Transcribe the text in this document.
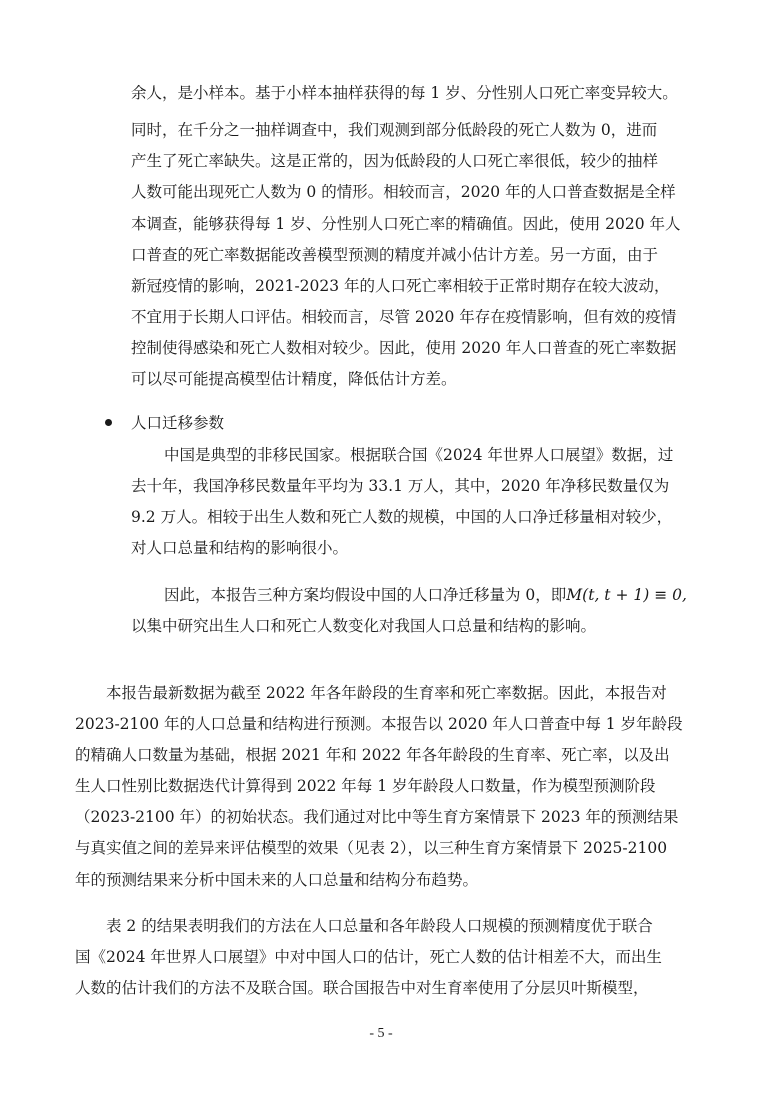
余人，是小样本。基于小样本抽样获得的每 1 岁、分性别人口死亡率变异较大。
同时，在千分之一抽样调查中，我们观测到部分低龄段的死亡人数为 0，进而
产生了死亡率缺失。这是正常的，因为低龄段的人口死亡率很低，较少的抽样
人数可能出现死亡人数为 0 的情形。相较而言，2020 年的人口普查数据是全样
本调查，能够获得每 1 岁、分性别人口死亡率的精确值。因此，使用 2020 年人
口普查的死亡率数据能改善模型预测的精度并减小估计方差。另一方面，由于
新冠疫情的影响，2021-2023 年的人口死亡率相较于正常时期存在较大波动，
不宜用于长期人口评估。相较而言，尽管 2020 年存在疫情影响，但有效的疫情
控制使得感染和死亡人数相对较少。因此，使用 2020 年人口普查的死亡率数据
可以尽可能提高模型估计精度，降低估计方差。
人口迁移参数
中国是典型的非移民国家。根据联合国《2024 年世界人口展望》数据，过
去十年，我国净移民数量年平均为 33.1 万人，其中，2020 年净移民数量仅为
9.2 万人。相较于出生人数和死亡人数的规模，中国的人口净迁移量相对较少，
对人口总量和结构的影响很小。
因此，本报告三种方案均假设中国的人口净迁移量为 0，即M(t, t + 1) ≡ 0,
以集中研究出生人口和死亡人数变化对我国人口总量和结构的影响。
本报告最新数据为截至 2022 年各年龄段的生育率和死亡率数据。因此，本报告对
2023-2100 年的人口总量和结构进行预测。本报告以 2020 年人口普查中每 1 岁年龄段
的精确人口数量为基础，根据 2021 年和 2022 年各年龄段的生育率、死亡率，以及出
生人口性别比数据迭代计算得到 2022 年每 1 岁年龄段人口数量，作为模型预测阶段
（2023-2100 年）的初始状态。我们通过对比中等生育方案情景下 2023 年的预测结果
与真实值之间的差异来评估模型的效果（见表 2），以三种生育方案情景下 2025-2100
年的预测结果来分析中国未来的人口总量和结构分布趋势。
表 2 的结果表明我们的方法在人口总量和各年龄段人口规模的预测精度优于联合
国《2024 年世界人口展望》中对中国人口的估计，死亡人数的估计相差不大，而出生
人数的估计我们的方法不及联合国。联合国报告中对生育率使用了分层贝叶斯模型，
- 5 -
